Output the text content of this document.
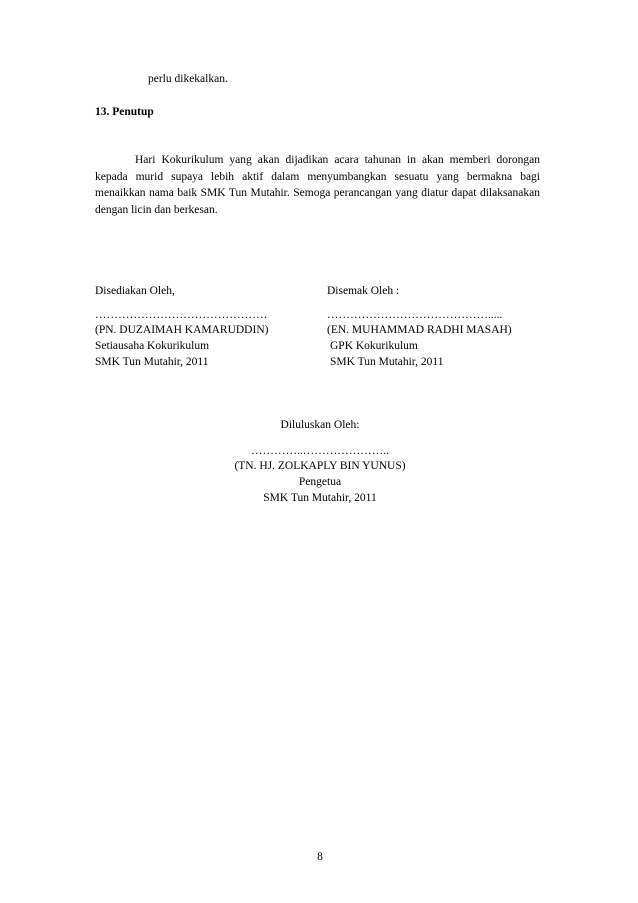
perlu dikekalkan.
13. Penutup
Hari Kokurikulum yang akan dijadikan acara tahunan in akan memberi dorongan kepada murid supaya lebih aktif dalam menyumbangkan sesuatu yang bermakna bagi menaikkan nama baik SMK Tun Mutahir. Semoga perancangan yang diatur dapat dilaksanakan dengan licin dan berkesan.
Disediakan Oleh,
………………………………………
(PN. DUZAIMAH KAMARUDDIN)
Setiausaha Kokurikulum
SMK Tun Mutahir, 2011
Disemak Oleh :
…………………………………….....
(EN. MUHAMMAD RADHI MASAH)
GPK Kokurikulum
SMK Tun Mutahir, 2011
Diluluskan Oleh:
…………..…………………..
(TN. HJ. ZOLKAPLY BIN YUNUS)
Pengetua
SMK Tun Mutahir, 2011
8
